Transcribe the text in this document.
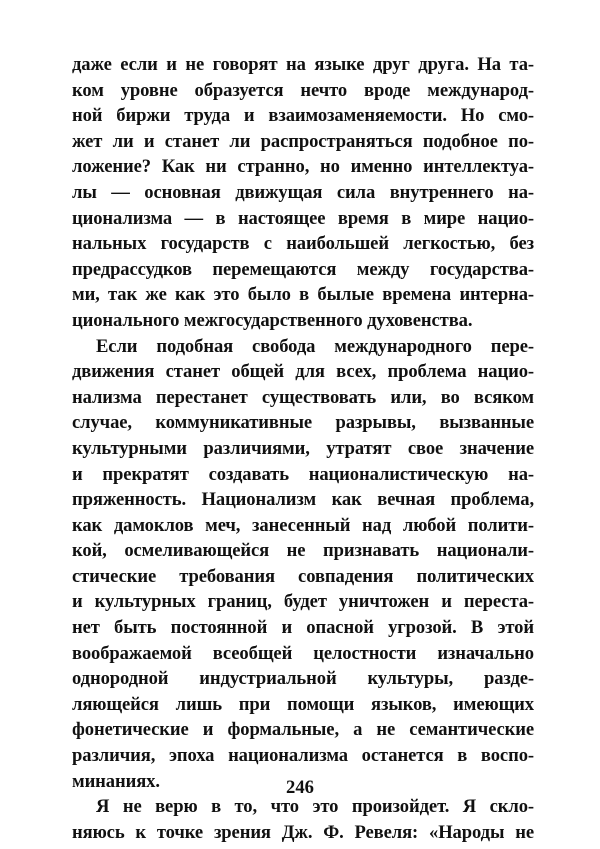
даже если и не говорят на языке друг друга. На та-
ком уровне образуется нечто вроде международ-
ной биржи труда и взаимозаменяемости. Но смо-
жет ли и станет ли распространяться подобное по-
ложение? Как ни странно, но именно интеллектуа-
лы — основная движущая сила внутреннего на-
ционализма — в настоящее время в мире нацио-
нальных государств с наибольшей легкостью, без
предрассудков перемещаются между государства-
ми, так же как это было в былые времена интерна-
ционального межгосударственного духовенства.
Если подобная свобода международного пере-
движения станет общей для всех, проблема нацио-
нализма перестанет существовать или, во всяком
случае, коммуникативные разрывы, вызванные
культурными различиями, утратят свое значение
и прекратят создавать националистическую на-
пряженность. Национализм как вечная проблема,
как дамоклов меч, занесенный над любой полити-
кой, осмеливающейся не признавать национали-
стические требования совпадения политических
и культурных границ, будет уничтожен и переста-
нет быть постоянной и опасной угрозой. В этой
воображаемой всеобщей целостности изначально
однородной индустриальной культуры, разде-
ляющейся лишь при помощи языков, имеющих
фонетические и формальные, а не семантические
различия, эпоха национализма останется в воспо-
минаниях.
Я не верю в то, что это произойдет. Я скло-
няюсь к точке зрения Дж. Ф. Ревеля: «Народы не
246
